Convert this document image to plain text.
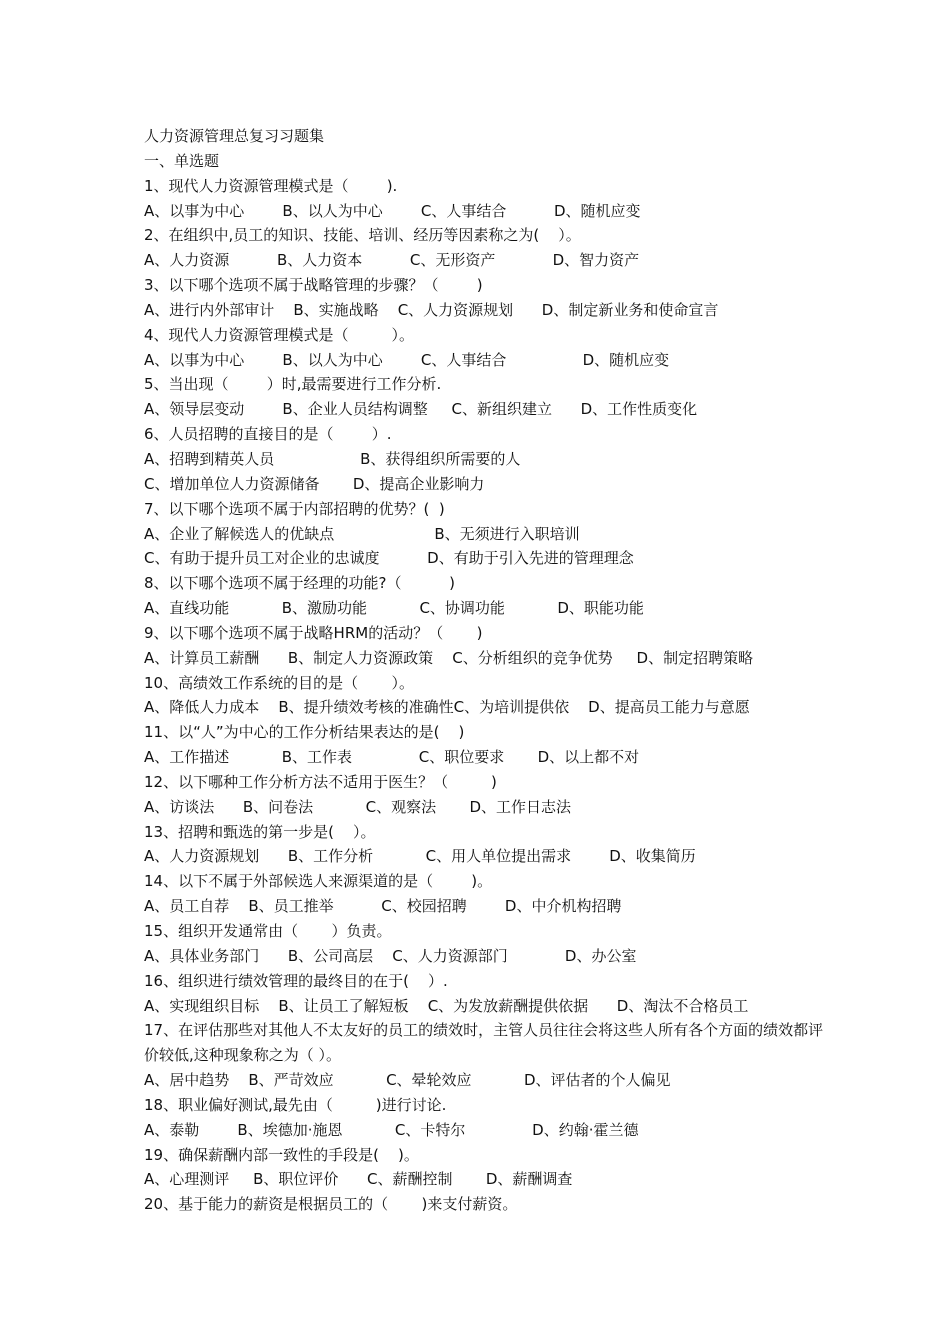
人力资源管理总复习习题集
一、单选题
1、现代人力资源管理模式是（        ).
A、以事为中心        B、以人为中心        C、人事结合          D、随机应变
2、在组织中,员工的知识、技能、培训、经历等因素称之为(    ）。
A、人力资源          B、人力资本          C、无形资产            D、智力资产
3、以下哪个选项不属于战略管理的步骤？（        )
A、进行内外部审计    B、实施战略    C、人力资源规划      D、制定新业务和使命宣言
4、现代人力资源管理模式是（         ）。
A、以事为中心        B、以人为中心        C、人事结合                D、随机应变
5、当出现（        ）时,最需要进行工作分析.
A、领导层变动        B、企业人员结构调整     C、新组织建立      D、工作性质变化
6、人员招聘的直接目的是（        ）.
A、招聘到精英人员                  B、获得组织所需要的人
C、增加单位人力资源储备       D、提高企业影响力
7、以下哪个选项不属于内部招聘的优势？(  )
A、企业了解候选人的优缺点                     B、无须进行入职培训
C、有助于提升员工对企业的忠诚度          D、有助于引入先进的管理理念
8、以下哪个选项不属于经理的功能?（          )
A、直线功能           B、激励功能           C、协调功能           D、职能功能
9、以下哪个选项不属于战略HRM的活动？（       )
A、计算员工薪酬      B、制定人力资源政策    C、分析组织的竞争优势     D、制定招聘策略
10、高绩效工作系统的目的是（       ）。
A、降低人力成本    B、提升绩效考核的准确性C、为培训提供依    D、提高员工能力与意愿
11、以“人”为中心的工作分析结果表达的是(    )
A、工作描述           B、工作表              C、职位要求       D、以上都不对
12、以下哪种工作分析方法不适用于医生？（         )
A、访谈法      B、问卷法           C、观察法       D、工作日志法
13、招聘和甄选的第一步是(    ）。
A、人力资源规划      B、工作分析           C、用人单位提出需求        D、收集简历
14、以下不属于外部候选人来源渠道的是（        )。
A、员工自荐    B、员工推举          C、校园招聘        D、中介机构招聘
15、组织开发通常由（       ）负责。
A、具体业务部门      B、公司高层    C、人力资源部门            D、办公室
16、组织进行绩效管理的最终目的在于(    ）.
A、实现组织目标    B、让员工了解短板    C、为发放薪酬提供依据      D、淘汰不合格员工
17、在评估那些对其他人不太友好的员工的绩效时，主管人员往往会将这些人所有各个方面的绩效都评价较低,这种现象称之为（ ）。
A、居中趋势    B、严苛效应           C、晕轮效应           D、评估者的个人偏见
18、职业偏好测试,最先由（         )进行讨论.
A、泰勒        B、埃德加·施恩           C、卡特尔              D、约翰·霍兰德
19、确保薪酬内部一致性的手段是(    )。
A、心理测评     B、职位评价      C、薪酬控制       D、薪酬调查
20、基于能力的薪资是根据员工的（       )来支付薪资。
